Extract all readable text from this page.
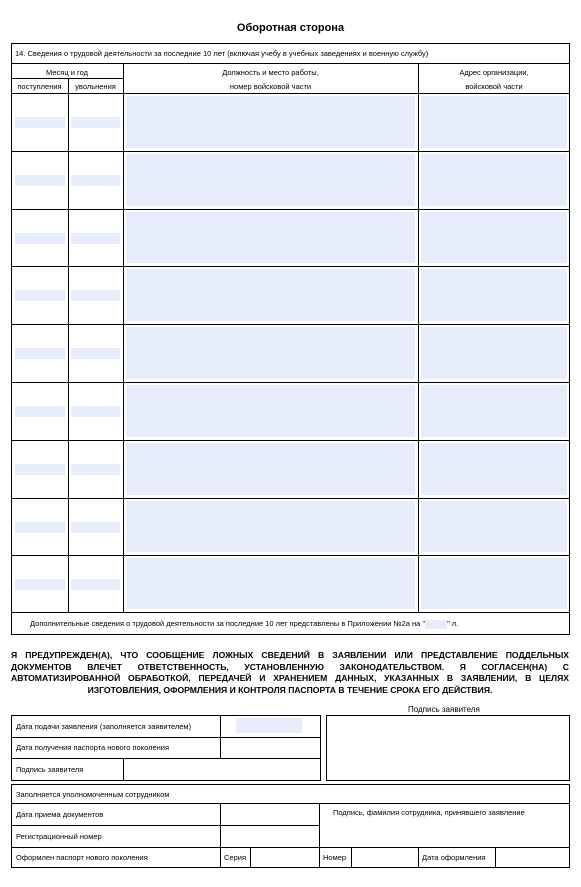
Оборотная сторона
14. Сведения о трудовой деятельности за последние 10 лет (включая учебу в учебных заведениях и военную службу)
Месяц и год
поступления	увольнения
Должность и место работы,
номер войсковой части
Адрес организации,
войсковой части
Дополнительные сведения о трудовой деятельности за последние 10 лет представлены в Приложении №2а на "	" л.
Я ПРЕДУПРЕЖДЕН(А), ЧТО СООБЩЕНИЕ ЛОЖНЫХ СВЕДЕНИЙ В ЗАЯВЛЕНИИ ИЛИ ПРЕДСТАВЛЕНИЕ ПОДДЕЛЬНЫХ
ДОКУМЕНТОВ ВЛЕЧЕТ ОТВЕТСТВЕННОСТЬ, УСТАНОВЛЕННУЮ ЗАКОНОДАТЕЛЬСТВОМ. Я СОГЛАСЕН(НА) С
АВТОМАТИЗИРОВАННОЙ ОБРАБОТКОЙ, ПЕРЕДАЧЕЙ И ХРАНЕНИЕМ ДАННЫХ, УКАЗАННЫХ В ЗАЯВЛЕНИИ, В ЦЕЛЯХ
ИЗГОТОВЛЕНИЯ, ОФОРМЛЕНИЯ И КОНТРОЛЯ ПАСПОРТА В ТЕЧЕНИЕ СРОКА ЕГО ДЕЙСТВИЯ.
Подпись заявителя
Дата подачи заявления (заполняется заявителем)
Дата получения паспорта нового поколения
Подпись заявителя
Заполняется уполномоченным сотрудником
Дата приема документов
Регистрационный номер
Подпись, фамилия сотрудника, принявшего заявление
Оформлен паспорт нового поколения	Серия	Номер	Дата оформления
